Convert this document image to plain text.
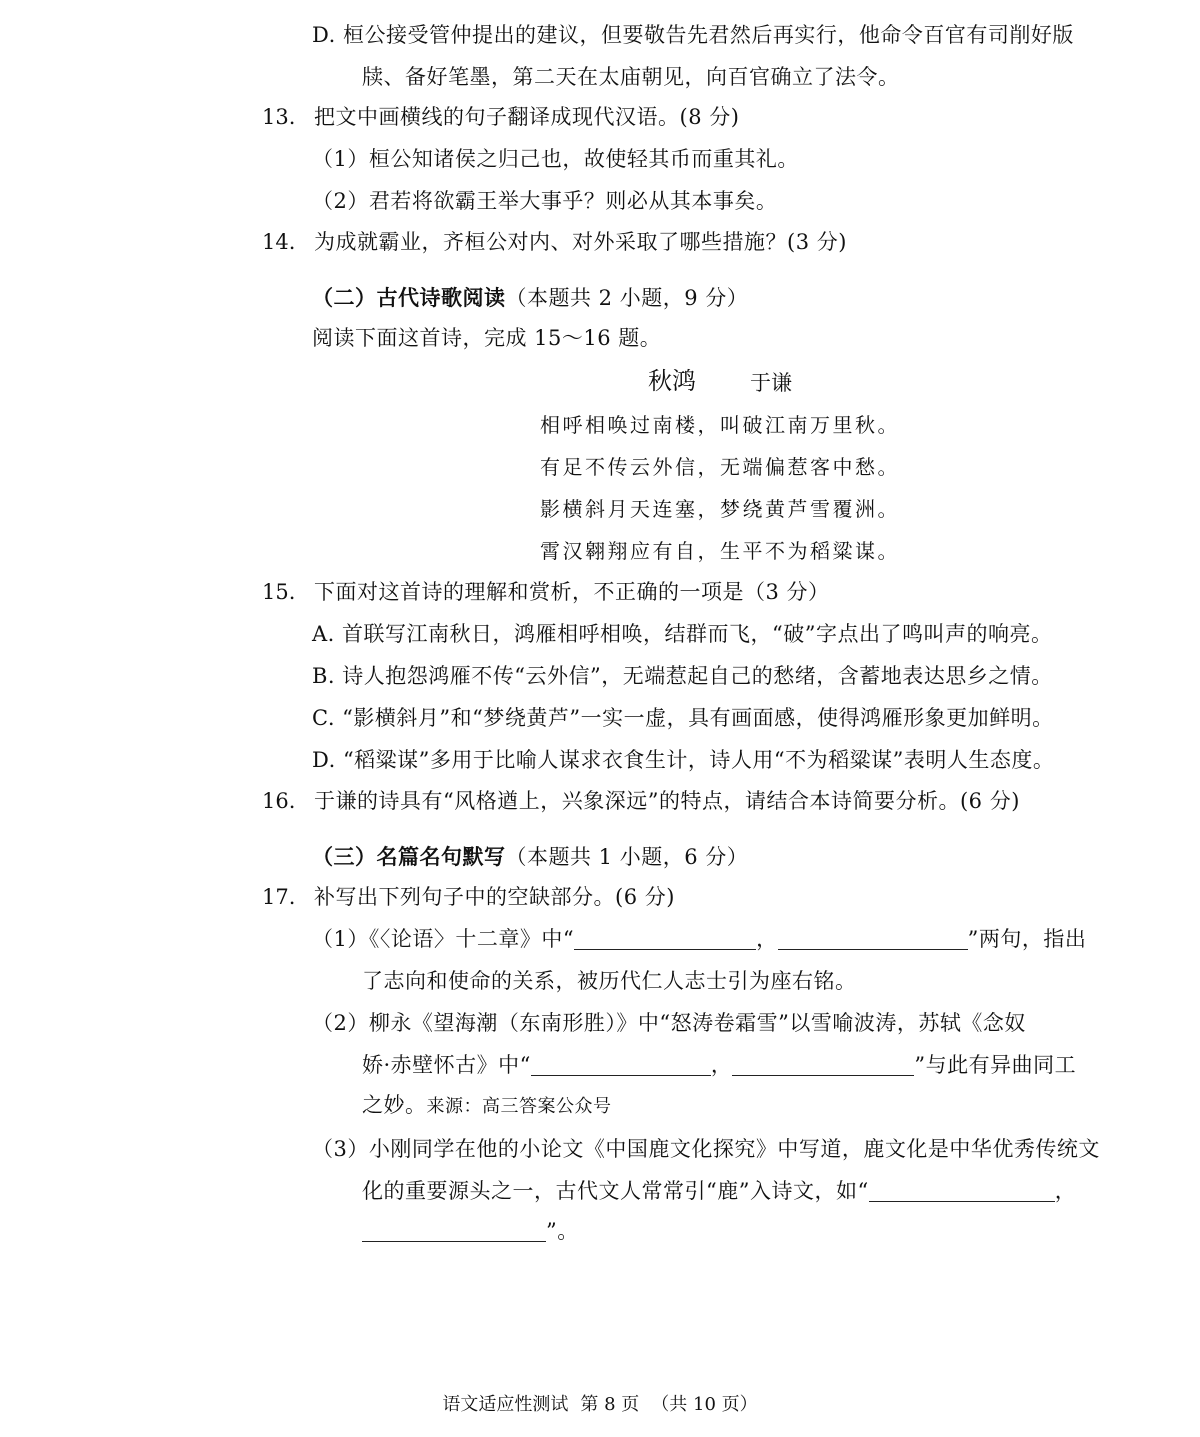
D. 桓公接受管仲提出的建议，但要敬告先君然后再实行，他命令百官有司削好版
牍、备好笔墨，第二天在太庙朝见，向百官确立了法令。
13. 把文中画横线的句子翻译成现代汉语。(8 分)
（1）桓公知诸侯之归己也，故使轻其币而重其礼。
（2）君若将欲霸王举大事乎？则必从其本事矣。
14. 为成就霸业，齐桓公对内、对外采取了哪些措施？(3 分)
（二）古代诗歌阅读（本题共 2 小题，9 分）
阅读下面这首诗，完成 15～16 题。
秋鸿	于谦
相呼相唤过南楼，叫破江南万里秋。
有足不传云外信，无端偏惹客中愁。
影横斜月天连塞，梦绕黄芦雪覆洲。
霄汉翱翔应有自，生平不为稻粱谋。
15. 下面对这首诗的理解和赏析，不正确的一项是（3 分）
A. 首联写江南秋日，鸿雁相呼相唤，结群而飞，“破”字点出了鸣叫声的响亮。
B. 诗人抱怨鸿雁不传“云外信”，无端惹起自己的愁绪，含蓄地表达思乡之情。
C. “影横斜月”和“梦绕黄芦”一实一虚，具有画面感，使得鸿雁形象更加鲜明。
D. “稻粱谋”多用于比喻人谋求衣食生计，诗人用“不为稻粱谋”表明人生态度。
16. 于谦的诗具有“风格遒上，兴象深远”的特点，请结合本诗简要分析。(6 分)
（三）名篇名句默写（本题共 1 小题，6 分）
17. 补写出下列句子中的空缺部分。(6 分)
（1）《〈论语〉十二章》中“	，	”两句，指出
了志向和使命的关系，被历代仁人志士引为座右铭。
（2）柳永《望海潮（东南形胜）》中“怒涛卷霜雪”以雪喻波涛，苏轼《念奴
娇·赤壁怀古》中“	，	”与此有异曲同工
之妙。来源：高三答案公众号
（3）小刚同学在他的小论文《中国鹿文化探究》中写道，鹿文化是中华优秀传统文
化的重要源头之一，古代文人常常引“鹿”入诗文，如“	，
”。
语文适应性测试 第 8 页 （共 10 页）
